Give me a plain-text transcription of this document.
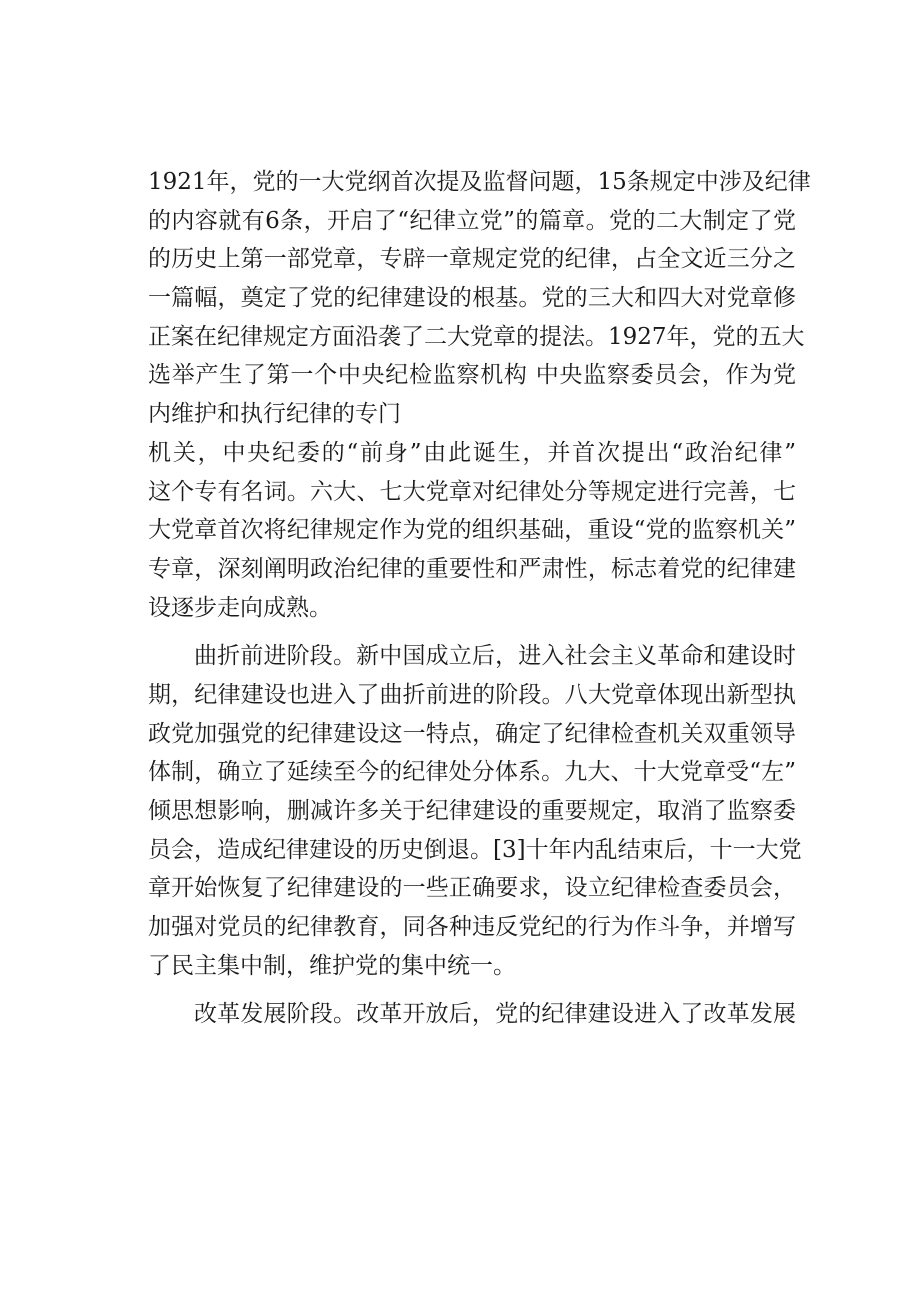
1921年，党的一大党纲首次提及监督问题，15条规定中涉及纪律
的内容就有6条，开启了“纪律立党”的篇章。党的二大制定了党
的历史上第一部党章，专辟一章规定党的纪律，占全文近三分之
一篇幅，奠定了党的纪律建设的根基。党的三大和四大对党章修
正案在纪律规定方面沿袭了二大党章的提法。1927年，党的五大
选举产生了第一个中央纪检监察机构 中央监察委员会，作为党
内维护和执行纪律的专门
机关，中央纪委的“前身”由此诞生，并首次提出“政治纪律”
这个专有名词。六大、七大党章对纪律处分等规定进行完善，七
大党章首次将纪律规定作为党的组织基础，重设“党的监察机关”
专章，深刻阐明政治纪律的重要性和严肃性，标志着党的纪律建
设逐步走向成熟。
曲折前进阶段。新中国成立后，进入社会主义革命和建设时
期，纪律建设也进入了曲折前进的阶段。八大党章体现出新型执
政党加强党的纪律建设这一特点，确定了纪律检查机关双重领导
体制，确立了延续至今的纪律处分体系。九大、十大党章受“左”
倾思想影响，删减许多关于纪律建设的重要规定，取消了监察委
员会，造成纪律建设的历史倒退。[3]十年内乱结束后，十一大党
章开始恢复了纪律建设的一些正确要求，设立纪律检查委员会，
加强对党员的纪律教育，同各种违反党纪的行为作斗争，并增写
了民主集中制，维护党的集中统一。
改革发展阶段。改革开放后，党的纪律建设进入了改革发展
